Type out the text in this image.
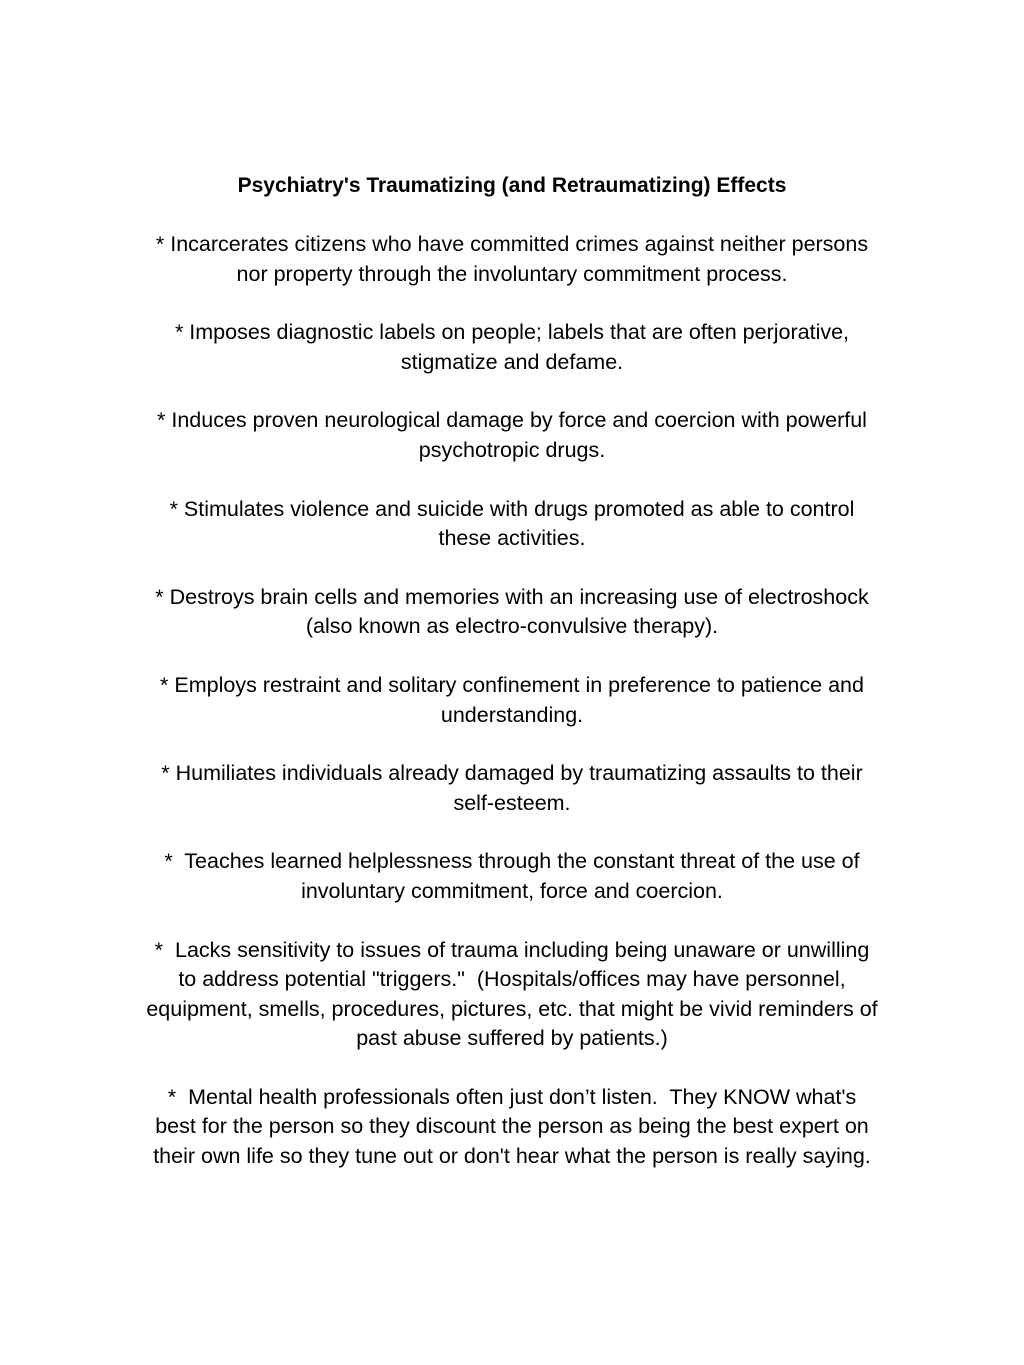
Psychiatry's Traumatizing (and Retraumatizing) Effects

* Incarcerates citizens who have committed crimes against neither persons
nor property through the involuntary commitment process.

* Imposes diagnostic labels on people; labels that are often perjorative,
stigmatize and defame.

* Induces proven neurological damage by force and coercion with powerful
psychotropic drugs.

* Stimulates violence and suicide with drugs promoted as able to control
these activities.

* Destroys brain cells and memories with an increasing use of electroshock
(also known as electro-convulsive therapy).

* Employs restraint and solitary confinement in preference to patience and
understanding.

* Humiliates individuals already damaged by traumatizing assaults to their
self-esteem.

*  Teaches learned helplessness through the constant threat of the use of
involuntary commitment, force and coercion.

*  Lacks sensitivity to issues of trauma including being unaware or unwilling
to address potential "triggers."  (Hospitals/offices may have personnel,
equipment, smells, procedures, pictures, etc. that might be vivid reminders of
past abuse suffered by patients.)

*  Mental health professionals often just don’t listen.  They KNOW what's
best for the person so they discount the person as being the best expert on
their own life so they tune out or don't hear what the person is really saying.
